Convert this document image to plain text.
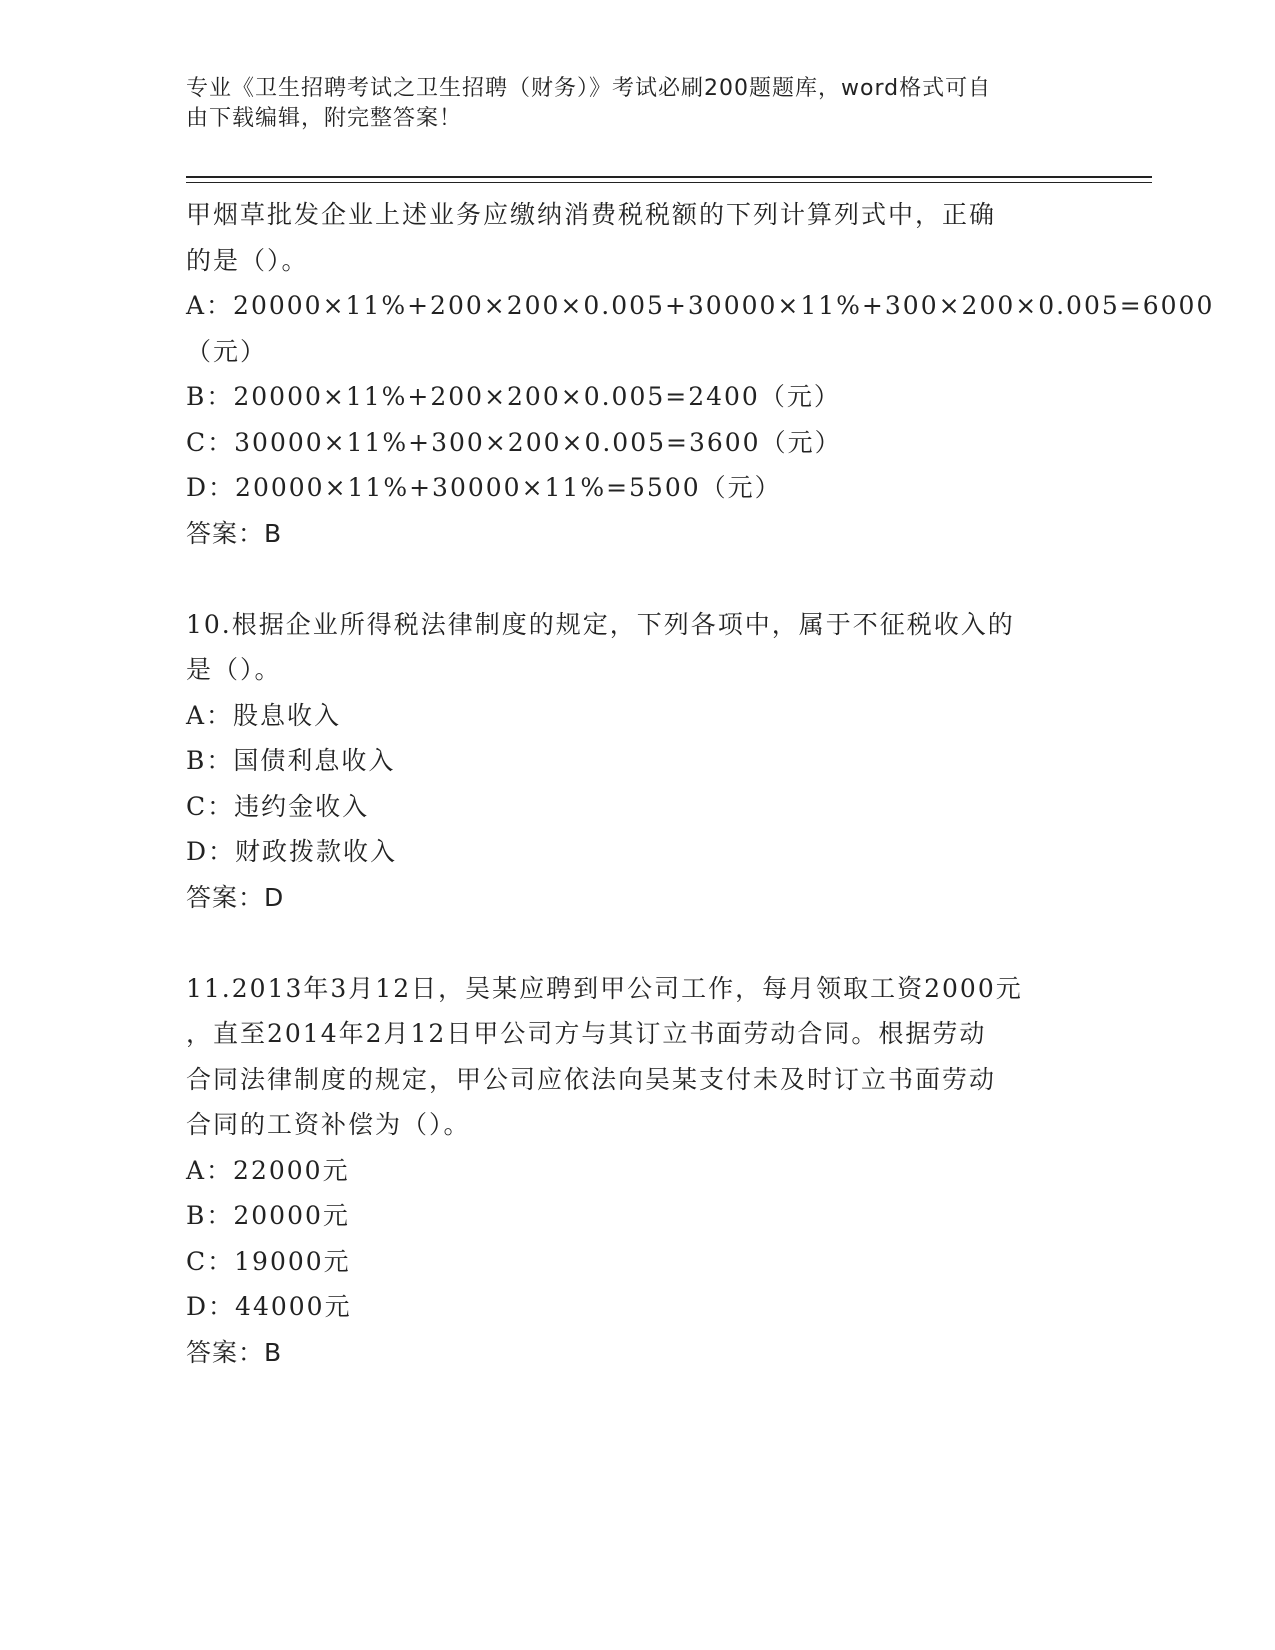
专业《卫生招聘考试之卫生招聘（财务）》考试必刷200题题库，word格式可自
由下载编辑，附完整答案！
甲烟草批发企业上述业务应缴纳消费税税额的下列计算列式中，正确
的是（）。
A：20000×11%+200×200×0.005+30000×11%+300×200×0.005=6000
（元）
B：20000×11%+200×200×0.005=2400（元）
C：30000×11%+300×200×0.005=3600（元）
D：20000×11%+30000×11%=5500（元）
答案：B
10.根据企业所得税法律制度的规定，下列各项中，属于不征税收入的
是（）。
A：股息收入
B：国债利息收入
C：违约金收入
D：财政拨款收入
答案：D
11.2013年3月12日，吴某应聘到甲公司工作，每月领取工资2000元
，直至2014年2月12日甲公司方与其订立书面劳动合同。根据劳动
合同法律制度的规定，甲公司应依法向吴某支付未及时订立书面劳动
合同的工资补偿为（）。
A：22000元
B：20000元
C：19000元
D：44000元
答案：B
